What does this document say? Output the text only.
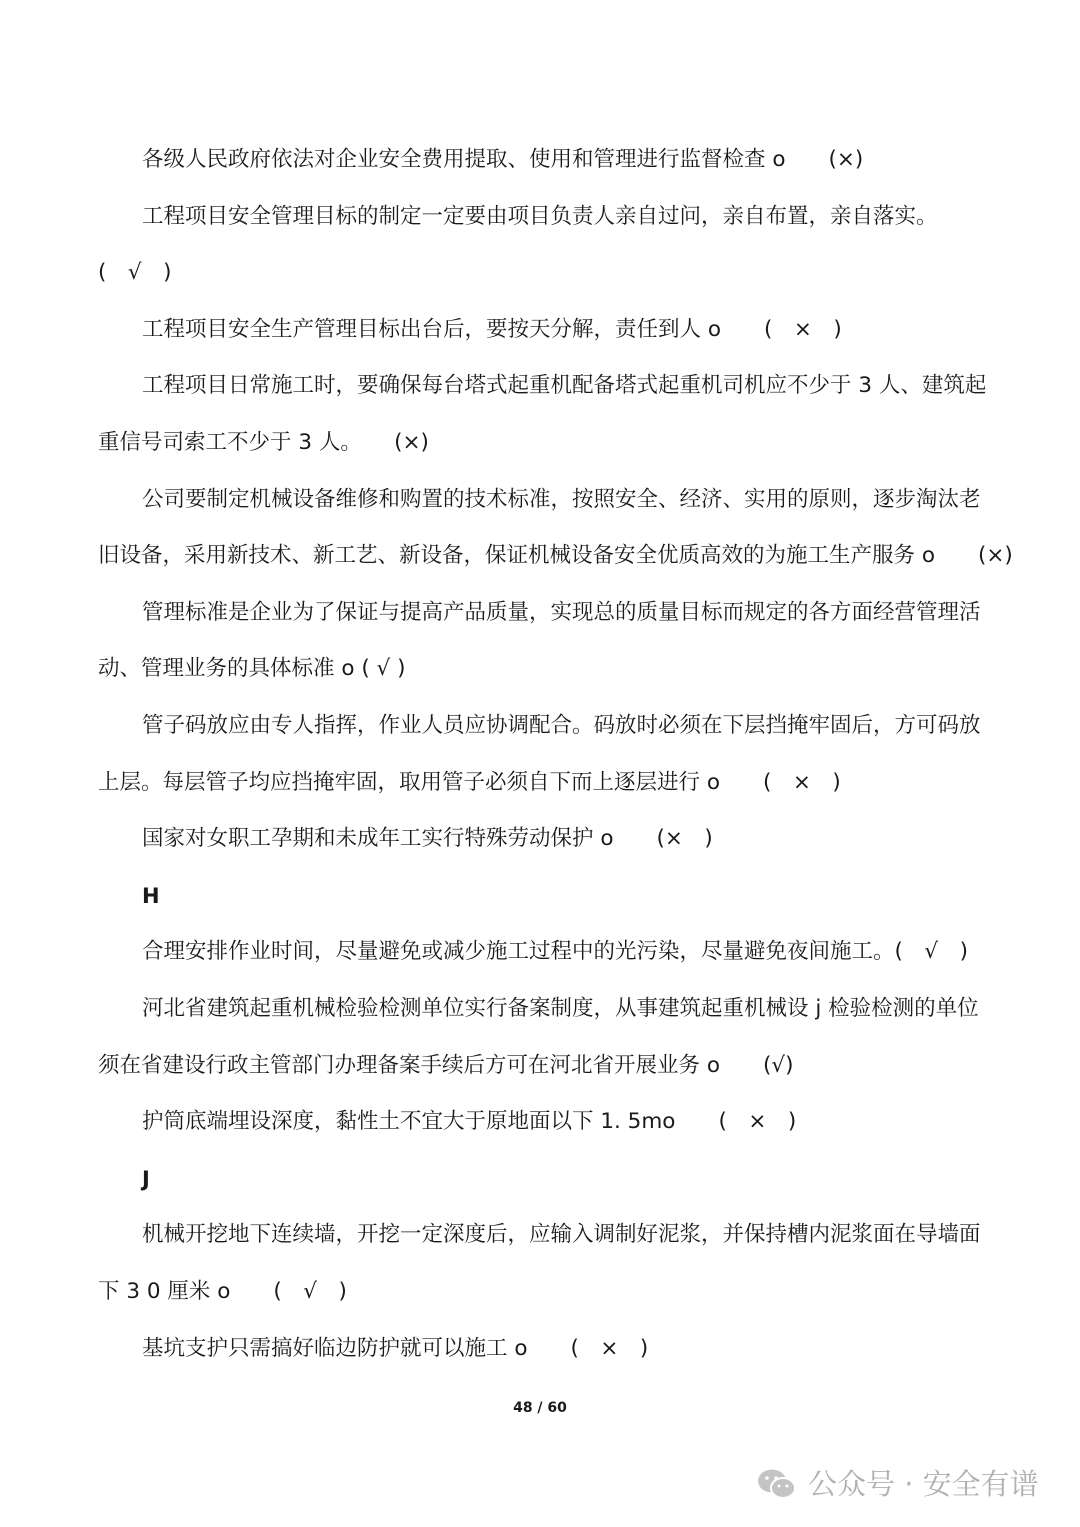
各级人民政府依法对企业安全费用提取、使用和管理进行监督检查 o　　(×)
工程项目安全管理目标的制定一定要由项目负责人亲自过问，亲自布置，亲自落实。
(　√　)
工程项目安全生产管理目标出台后，要按天分解，责任到人 o　　(　×　)
工程项目日常施工时，要确保每台塔式起重机配备塔式起重机司机应不少于 3 人、建筑起
重信号司索工不少于 3 人。　　(×)
公司要制定机械设备维修和购置的技术标准，按照安全、经济、实用的原则，逐步淘汰老
旧设备，采用新技术、新工艺、新设备，保证机械设备安全优质高效的为施工生产服务 o　　(×)
管理标准是企业为了保证与提高产品质量，实现总的质量目标而规定的各方面经营管理活
动、管理业务的具体标准 o ( √ )
管子码放应由专人指挥，作业人员应协调配合。码放时必须在下层挡掩牢固后，方可码放
上层。每层管子均应挡掩牢固，取用管子必须自下而上逐层进行 o　　(　×　)
国家对女职工孕期和未成年工实行特殊劳动保护 o　　(×　)
H
合理安排作业时间，尽量避免或减少施工过程中的光污染，尽量避免夜间施工。(　√　)
河北省建筑起重机械检验检测单位实行备案制度，从事建筑起重机械设 j 检验检测的单位
须在省建设行政主管部门办理备案手续后方可在河北省开展业务 o　　(√)
护筒底端埋设深度，黏性土不宜大于原地面以下 1. 5mo　　(　×　)
J
机械开挖地下连续墙，开挖一定深度后，应输入调制好泥浆，并保持槽内泥浆面在导墙面
下 3 0 厘米 o　　(　√　)
基坑支护只需搞好临边防护就可以施工 o　　(　×　)
48 / 60
公众号 · 安全有谱
